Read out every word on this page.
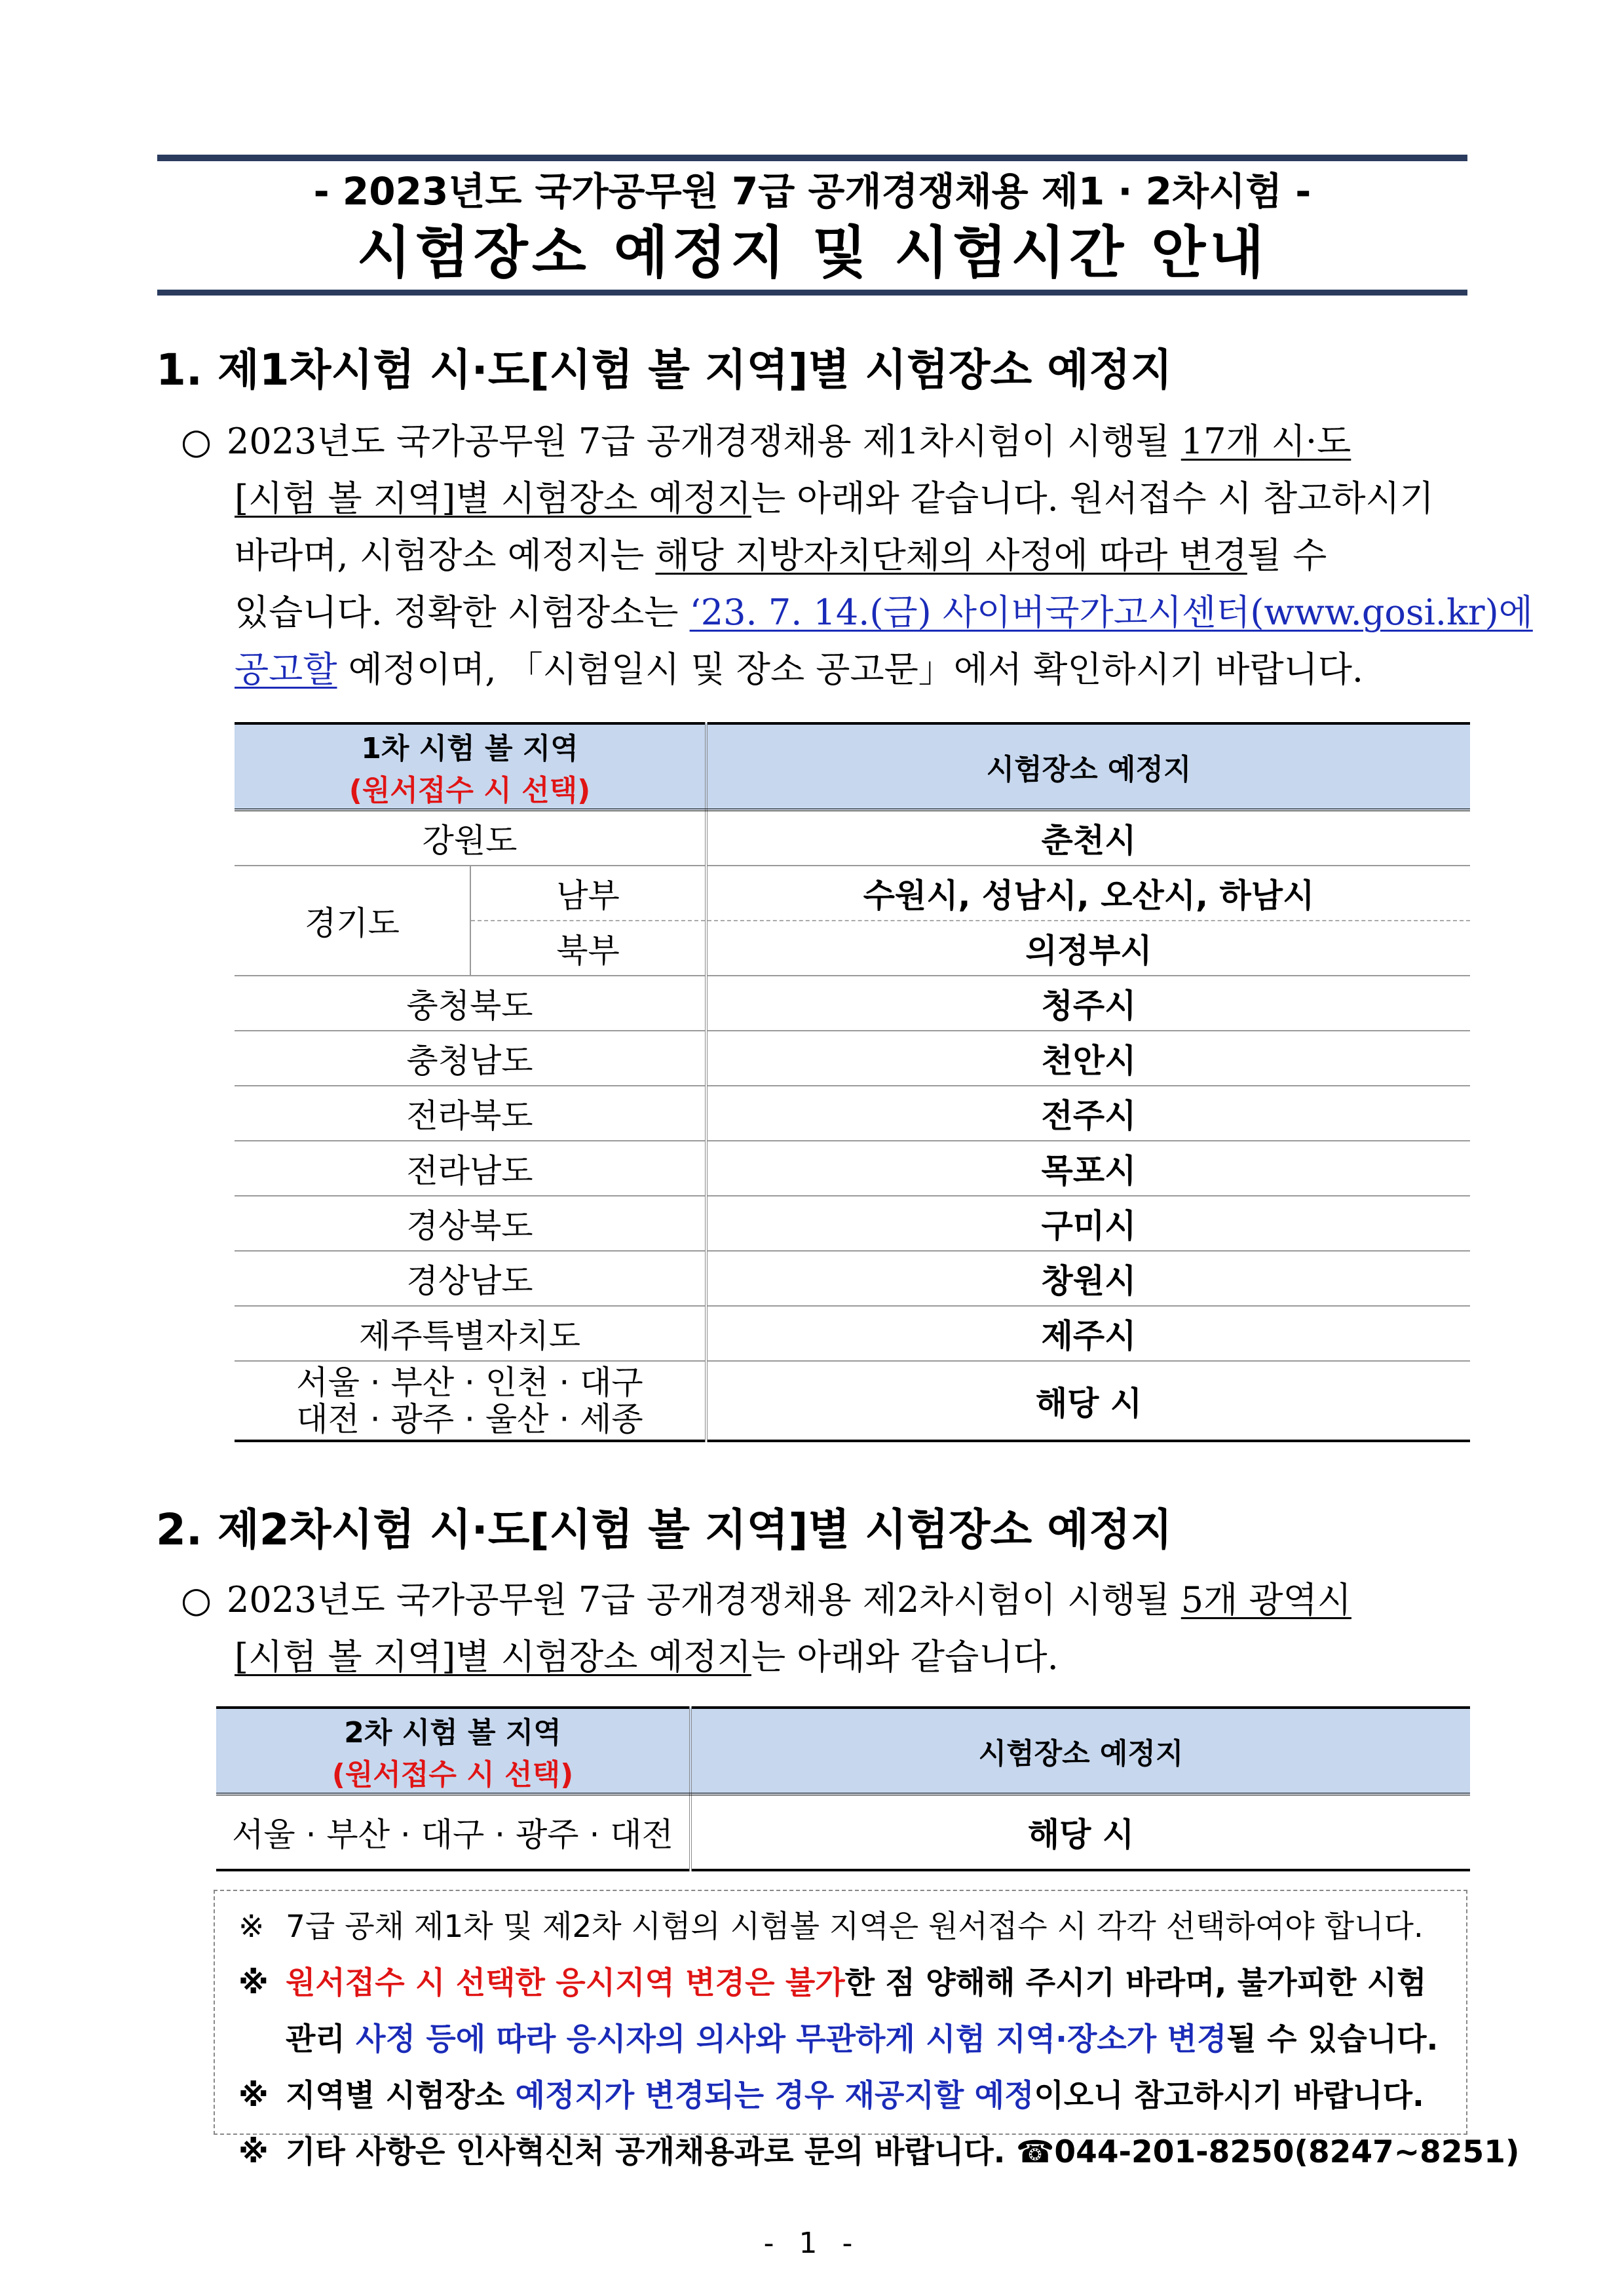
- 2023년도 국가공무원 7급 공개경쟁채용 제1 · 2차시험 -
시험장소 예정지 및 시험시간 안내
1. 제1차시험 시·도[시험 볼 지역]별 시험장소 예정지
○ 2023년도 국가공무원 7급 공개경쟁채용 제1차시험이 시행될 17개 시·도
[시험 볼 지역]별 시험장소 예정지는 아래와 같습니다. 원서접수 시 참고하시기
바라며, 시험장소 예정지는 해당 지방자치단체의 사정에 따라 변경될 수
있습니다. 정확한 시험장소는 ‘23. 7. 14.(금) 사이버국가고시센터(www.gosi.kr)에
공고할 예정이며, 「시험일시 및 장소 공고문」에서 확인하시기 바랍니다.
1차 시험 볼 지역
(원서접수 시 선택)		시험장소 예정지
강원도		춘천시
경기도	남부	수원시, 성남시, 오산시, 하남시
	북부	의정부시
충청북도		청주시
충청남도		천안시
전라북도		전주시
전라남도		목포시
경상북도		구미시
경상남도		창원시
제주특별자치도		제주시

서울 · 부산 · 인천 · 대구
대전 · 광주 · 울산 · 세종		해당 시
2. 제2차시험 시·도[시험 볼 지역]별 시험장소 예정지
○ 2023년도 국가공무원 7급 공개경쟁채용 제2차시험이 시행될 5개 광역시
[시험 볼 지역]별 시험장소 예정지는 아래와 같습니다.
2차 시험 볼 지역
(원서접수 시 선택)	시험장소 예정지
서울 · 부산 · 대구 · 광주 · 대전	해당 시
※ 7급 공채 제1차 및 제2차 시험의 시험볼 지역은 원서접수 시 각각 선택하여야 합니다.
※ 원서접수 시 선택한 응시지역 변경은 불가한 점 양해해 주시기 바라며, 불가피한 시험
관리 사정 등에 따라 응시자의 의사와 무관하게 시험 지역·장소가 변경될 수 있습니다.
※ 지역별 시험장소 예정지가 변경되는 경우 재공지할 예정이오니 참고하시기 바랍니다.
※ 기타 사항은 인사혁신처 공개채용과로 문의 바랍니다. ☎044-201-8250(8247~8251)
- 1 -
